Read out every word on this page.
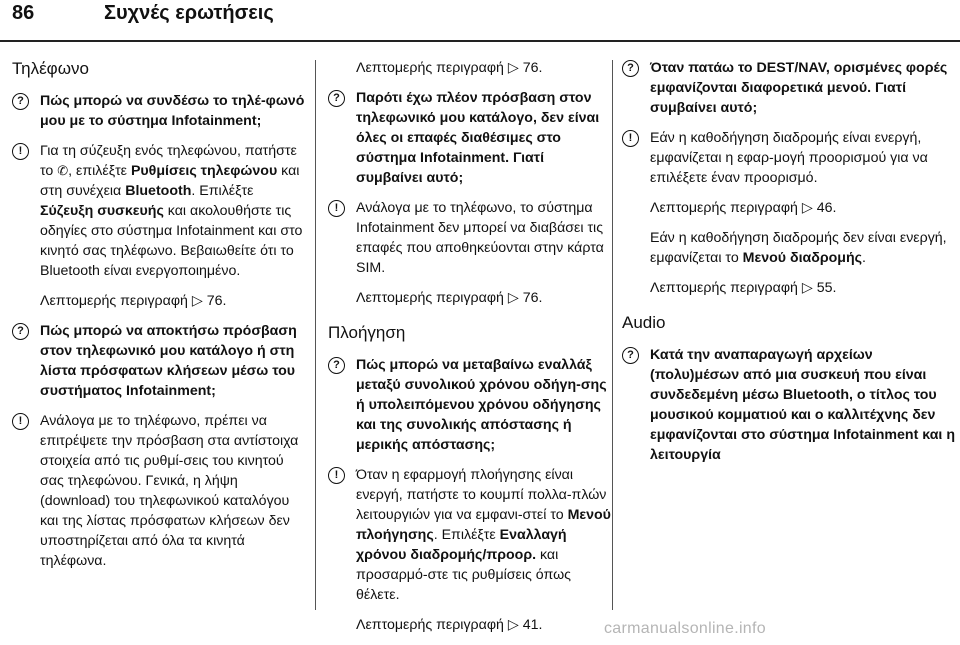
86	Συχνές ερωτήσεις
Τηλέφωνο
?	Πώς μπορώ να συνδέσω το τηλέ-φωνό μου με το σύστημα Infotainment;
!	Για τη σύζευξη ενός τηλεφώνου, πατήστε το ✆, επιλέξτε Ρυθμίσεις τηλεφώνου και στη συνέχεια Bluetooth. Επιλέξτε Σύζευξη συσκευής και ακολουθήστε τις οδηγίες στο σύστημα Infotainment και στο κινητό σας τηλέφωνο. Βεβαιωθείτε ότι το Bluetooth είναι ενεργοποιημένο.
Λεπτομερής περιγραφή ▷ 76.
?	Πώς μπορώ να αποκτήσω πρόσβαση στον τηλεφωνικό μου κατάλογο ή στη λίστα πρόσφατων κλήσεων μέσω του συστήματος Infotainment;
!	Ανάλογα με το τηλέφωνο, πρέπει να επιτρέψετε την πρόσβαση στα αντίστοιχα στοιχεία από τις ρυθμί-σεις του κινητού σας τηλεφώνου. Γενικά, η λήψη (download) του τηλεφωνικού καταλόγου και της λίστας πρόσφατων κλήσεων δεν υποστηρίζεται από όλα τα κινητά τηλέφωνα.
Λεπτομερής περιγραφή ▷ 76.
?	Παρότι έχω πλέον πρόσβαση στον τηλεφωνικό μου κατάλογο, δεν είναι όλες οι επαφές διαθέσιμες στο σύστημα Infotainment. Γιατί συμβαίνει αυτό;
!	Ανάλογα με το τηλέφωνο, το σύστημα Infotainment δεν μπορεί να διαβάσει τις επαφές που αποθηκεύονται στην κάρτα SIM.
Λεπτομερής περιγραφή ▷ 76.
Πλοήγηση
?	Πώς μπορώ να μεταβαίνω εναλλάξ μεταξύ συνολικού χρόνου οδήγη-σης ή υπολειπόμενου χρόνου οδήγησης και της συνολικής απόστασης ή μερικής απόστασης;
!	Όταν η εφαρμογή πλοήγησης είναι ενεργή, πατήστε το κουμπί πολλα-πλών λειτουργιών για να εμφανι-στεί το Μενού πλοήγησης. Επιλέξτε Εναλλαγή χρόνου διαδρομής/προορ. και προσαρμό-στε τις ρυθμίσεις όπως θέλετε.
Λεπτομερής περιγραφή ▷ 41.
?	Όταν πατάω το DEST/NAV, ορισμένες φορές εμφανίζονται διαφορετικά μενού. Γιατί συμβαίνει αυτό;
!	Εάν η καθοδήγηση διαδρομής είναι ενεργή, εμφανίζεται η εφαρ-μογή προορισμού για να επιλέξετε έναν προορισμό.
Λεπτομερής περιγραφή ▷ 46.
Εάν η καθοδήγηση διαδρομής δεν είναι ενεργή, εμφανίζεται το Μενού διαδρομής.
Λεπτομερής περιγραφή ▷ 55.
Audio
?	Κατά την αναπαραγωγή αρχείων (πολυ)μέσων από μια συσκευή που είναι συνδεδεμένη μέσω Bluetooth, ο τίτλος του μουσικού κομματιού και ο καλλιτέχνης δεν εμφανίζονται στο σύστημα Infotainment και η λειτουργία
carmanualsonline.info
